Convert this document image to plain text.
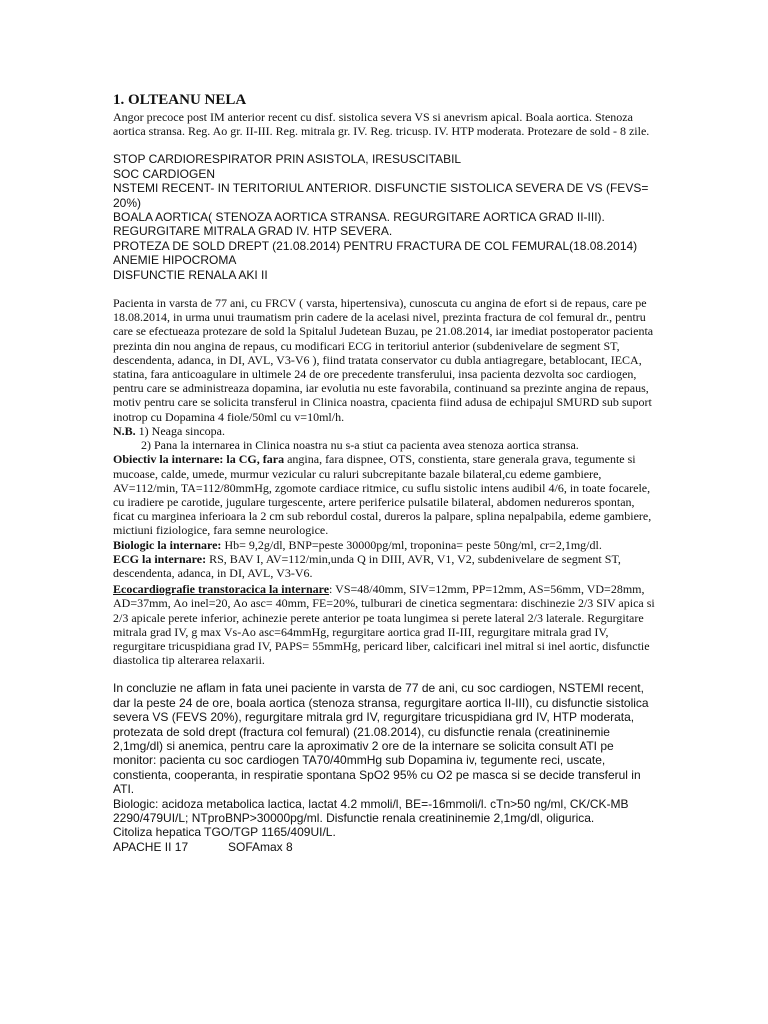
1. OLTEANU NELA

Angor precoce post IM anterior recent cu disf. sistolica severa VS si anevrism apical. Boala aortica. Stenoza aortica stransa. Reg. Ao gr. II-III. Reg. mitrala gr. IV. Reg. tricusp. IV. HTP moderata. Protezare de sold - 8 zile.

STOP CARDIORESPIRATOR PRIN ASISTOLA, IRESUSCITABIL
SOC CARDIOGEN
NSTEMI RECENT- IN TERITORIUL ANTERIOR. DISFUNCTIE SISTOLICA SEVERA DE VS (FEVS= 20%)
BOALA AORTICA( STENOZA AORTICA STRANSA. REGURGITARE AORTICA GRAD II-III). REGURGITARE MITRALA GRAD IV. HTP SEVERA.
PROTEZA DE SOLD DREPT (21.08.2014) PENTRU FRACTURA DE COL FEMURAL(18.08.2014)
ANEMIE HIPOCROMA
DISFUNCTIE RENALA AKI II

Pacienta in varsta de 77 ani, cu FRCV ( varsta, hipertensiva), cunoscuta cu angina de efort si de repaus, care pe 18.08.2014, in urma unui traumatism prin cadere de la acelasi nivel, prezinta fractura de col femural dr., pentru care se efectueaza protezare de sold la Spitalul Judetean Buzau, pe 21.08.2014, iar imediat postoperator pacienta prezinta din nou angina de repaus, cu modificari ECG in teritoriul anterior (subdenivelare de segment ST, descendenta, adanca, in DI, AVL, V3-V6 ), fiind tratata conservator cu dubla antiagregare, betablocant, IECA, statina, fara anticoagulare in ultimele 24 de ore precedente transferului, insa pacienta dezvolta soc cardiogen, pentru care se administreaza dopamina, iar evolutia nu este favorabila, continuand sa prezinte angina de repaus, motiv pentru care se solicita transferul in Clinica noastra, cpacienta fiind adusa de echipajul SMURD sub suport inotrop cu Dopamina 4 fiole/50ml cu v=10ml/h.

N.B. 1) Neaga sincopa.

2) Pana la internarea in Clinica noastra nu s-a stiut ca pacienta avea stenoza aortica stransa.

Obiectiv la internare: la CG, fara angina, fara dispnee, OTS, constienta, stare generala grava, tegumente si mucoase, calde, umede, murmur vezicular cu raluri subcrepitante bazale bilateral,cu edeme gambiere, AV=112/min, TA=112/80mmHg, zgomote cardiace ritmice, cu suflu sistolic intens audibil 4/6, in toate focarele, cu iradiere pe carotide, jugulare turgescente, artere periferice pulsatile bilateral, abdomen nedureros spontan, ficat cu marginea inferioara la 2 cm sub rebordul costal, dureros la palpare, splina nepalpabila, edeme gambiere, mictiuni fiziologice, fara semne neurologice.

Biologic la internare: Hb= 9,2g/dl, BNP=peste 30000pg/ml, troponina= peste 50ng/ml, cr=2,1mg/dl.

ECG la internare: RS, BAV I, AV=112/min,unda Q in DIII, AVR, V1, V2, subdenivelare de segment ST, descendenta, adanca, in DI, AVL, V3-V6.

Ecocardiografie transtoracica la internare: VS=48/40mm, SIV=12mm, PP=12mm, AS=56mm, VD=28mm, AD=37mm, Ao inel=20, Ao asc= 40mm, FE=20%, tulburari de cinetica segmentara: dischinezie 2/3 SIV apica si 2/3 apicale perete inferior, achinezie perete anterior pe toata lungimea si perete lateral 2/3 laterale. Regurgitare mitrala grad IV, g max Vs-Ao asc=64mmHg, regurgitare aortica grad II-III, regurgitare mitrala grad IV, regurgitare tricuspidiana grad IV, PAPS= 55mmHg, pericard liber, calcificari inel mitral si inel aortic, disfunctie diastolica tip alterarea relaxarii.

In concluzie ne aflam in fata unei paciente in varsta de 77 de ani, cu soc cardiogen, NSTEMI recent, dar la peste 24 de ore, boala aortica (stenoza stransa, regurgitare aortica II-III), cu disfunctie sistolica severa VS (FEVS 20%), regurgitare mitrala grd IV, regurgitare tricuspidiana grd IV, HTP moderata, protezata de sold drept (fractura col femural) (21.08.2014), cu disfunctie renala (creatininemie 2,1mg/dl) si anemica, pentru care la aproximativ 2 ore de la internare se solicita consult ATI pe monitor: pacienta cu soc cardiogen TA70/40mmHg sub Dopamina iv, tegumente reci, uscate, constienta, cooperanta, in respiratie spontana SpO2 95% cu O2 pe masca si se decide transferul in ATI.

Biologic: acidoza metabolica lactica, lactat 4.2 mmoli/l, BE=-16mmoli/l. cTn>50 ng/ml, CK/CK-MB 2290/479UI/L; NTproBNP>30000pg/ml. Disfunctie renala creatininemie 2,1mg/dl, oligurica.

Citoliza hepatica TGO/TGP 1165/409UI/L.

APACHE II 17	SOFAmax 8
